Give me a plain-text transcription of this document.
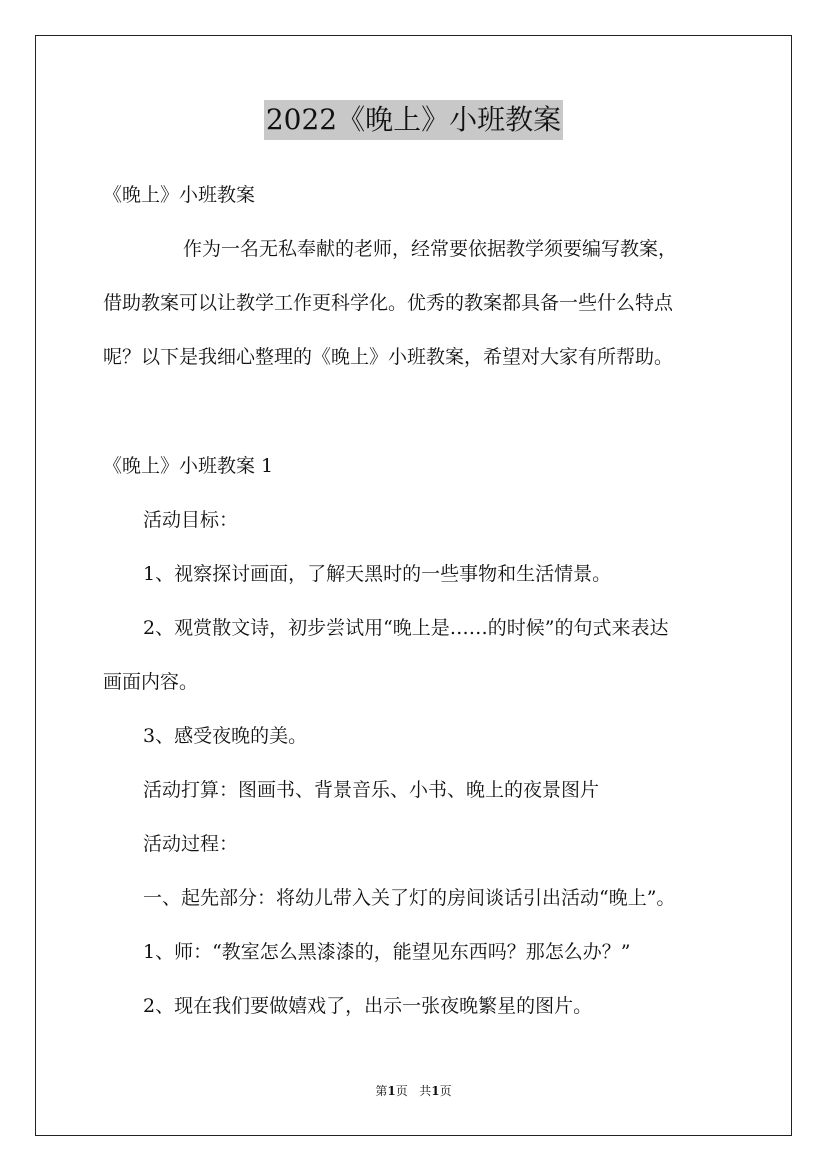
2022《晚上》小班教案
《晚上》小班教案
作为一名无私奉献的老师，经常要依据教学须要编写教案，
借助教案可以让教学工作更科学化。优秀的教案都具备一些什么特点
呢？以下是我细心整理的《晚上》小班教案，希望对大家有所帮助。
《晚上》小班教案 1
活动目标：
1、视察探讨画面，了解天黑时的一些事物和生活情景。
2、观赏散文诗，初步尝试用“晚上是……的时候”的句式来表达
画面内容。
3、感受夜晚的美。
活动打算：图画书、背景音乐、小书、晚上的夜景图片
活动过程：
一、起先部分：将幼儿带入关了灯的房间谈话引出活动“晚上”。
1、师：“教室怎么黑漆漆的，能望见东西吗？那怎么办？”
2、现在我们要做嬉戏了，出示一张夜晚繁星的图片。
第1页 共1页
